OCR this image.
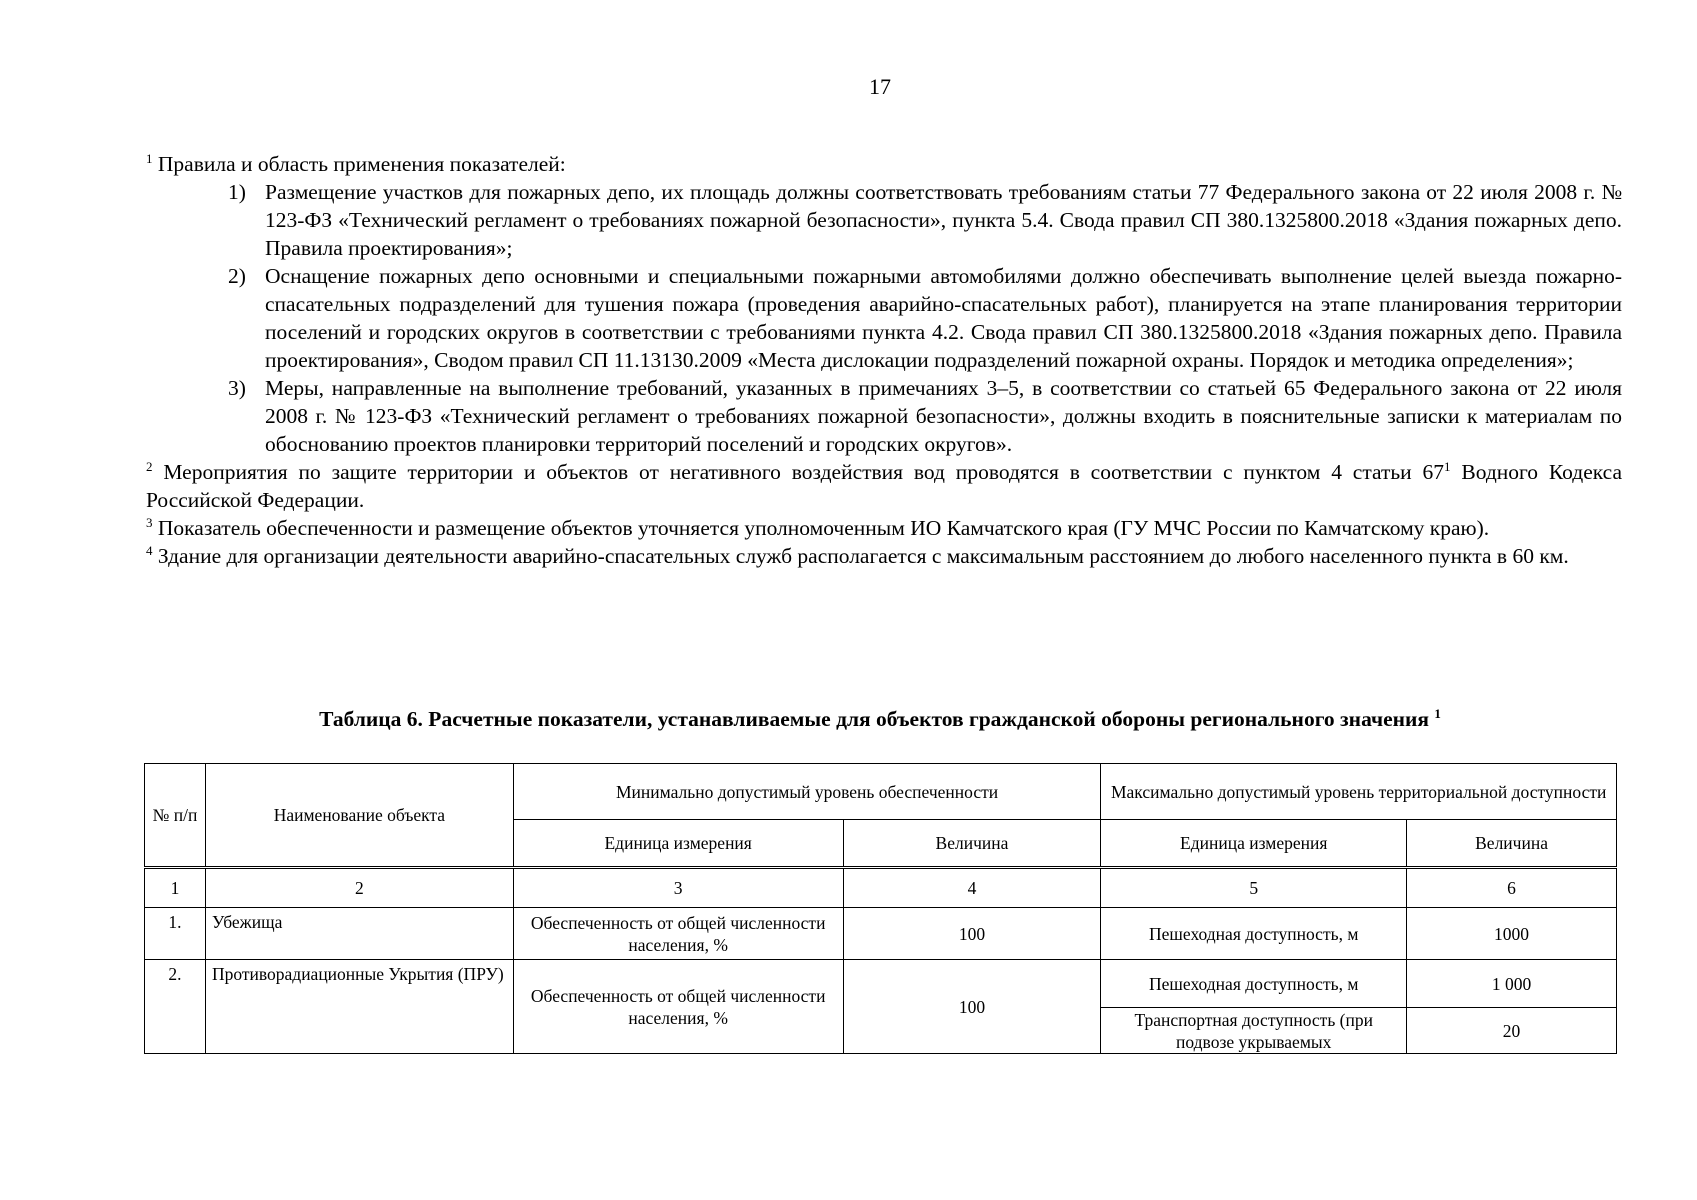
17
$^1$ Правила и область применения показателей:
1) Размещение участков для пожарных депо, их площадь должны соответствовать требованиям статьи 77 Федерального закона от 22 июля 2008 г. № 123-ФЗ «Технический регламент о требованиях пожарной безопасности», пункта 5.4. Свода правил СП 380.1325800.2018 «Здания пожарных депо. Правила проектирования»;
2) Оснащение пожарных депо основными и специальными пожарными автомобилями должно обеспечивать выполнение целей выезда пожарно-спасательных подразделений для тушения пожара (проведения аварийно-спасательных работ), планируется на этапе планирования территории поселений и городских округов в соответствии с требованиями пункта 4.2. Свода правил СП 380.1325800.2018 «Здания пожарных депо. Правила проектирования», Сводом правил СП 11.13130.2009 «Места дислокации подразделений пожарной охраны. Порядок и методика определения»;
3) Меры, направленные на выполнение требований, указанных в примечаниях 3–5, в соответствии со статьей 65 Федерального закона от 22 июля 2008 г. № 123-ФЗ «Технический регламент о требованиях пожарной безопасности», должны входить в пояснительные записки к материалам по обоснованию проектов планировки территорий поселений и городских округов».
$^2$ Мероприятия по защите территории и объектов от негативного воздействия вод проводятся в соответствии с пунктом 4 статьи $67^1$ Водного Кодекса Российской Федерации.
$^3$ Показатель обеспеченности и размещение объектов уточняется уполномоченным ИО Камчатского края (ГУ МЧС России по Камчатскому краю).
$^4$ Здание для организации деятельности аварийно-спасательных служб располагается с максимальным расстоянием до любого населенного пункта в 60 км.
Таблица 6. Расчетные показатели, устанавливаемые для объектов гражданской обороны регионального значения $^1$
№ п/п	Наименование объекта	Минимально допустимый уровень обеспеченности		Максимально допустимый уровень территориальной доступности	
		Единица измерения	Величина	Единица измерения	Величина
1	2	3	4	5	6
1.	Убежища	Обеспеченность от общей численности населения, %	100	Пешеходная доступность, м	1000
2.	Противорадиационные Укрытия (ПРУ)	Обеспеченность от общей численности населения, %	100	Пешеходная доступность, м	1 000
				Транспортная доступность (при подвозе укрываемых	20
